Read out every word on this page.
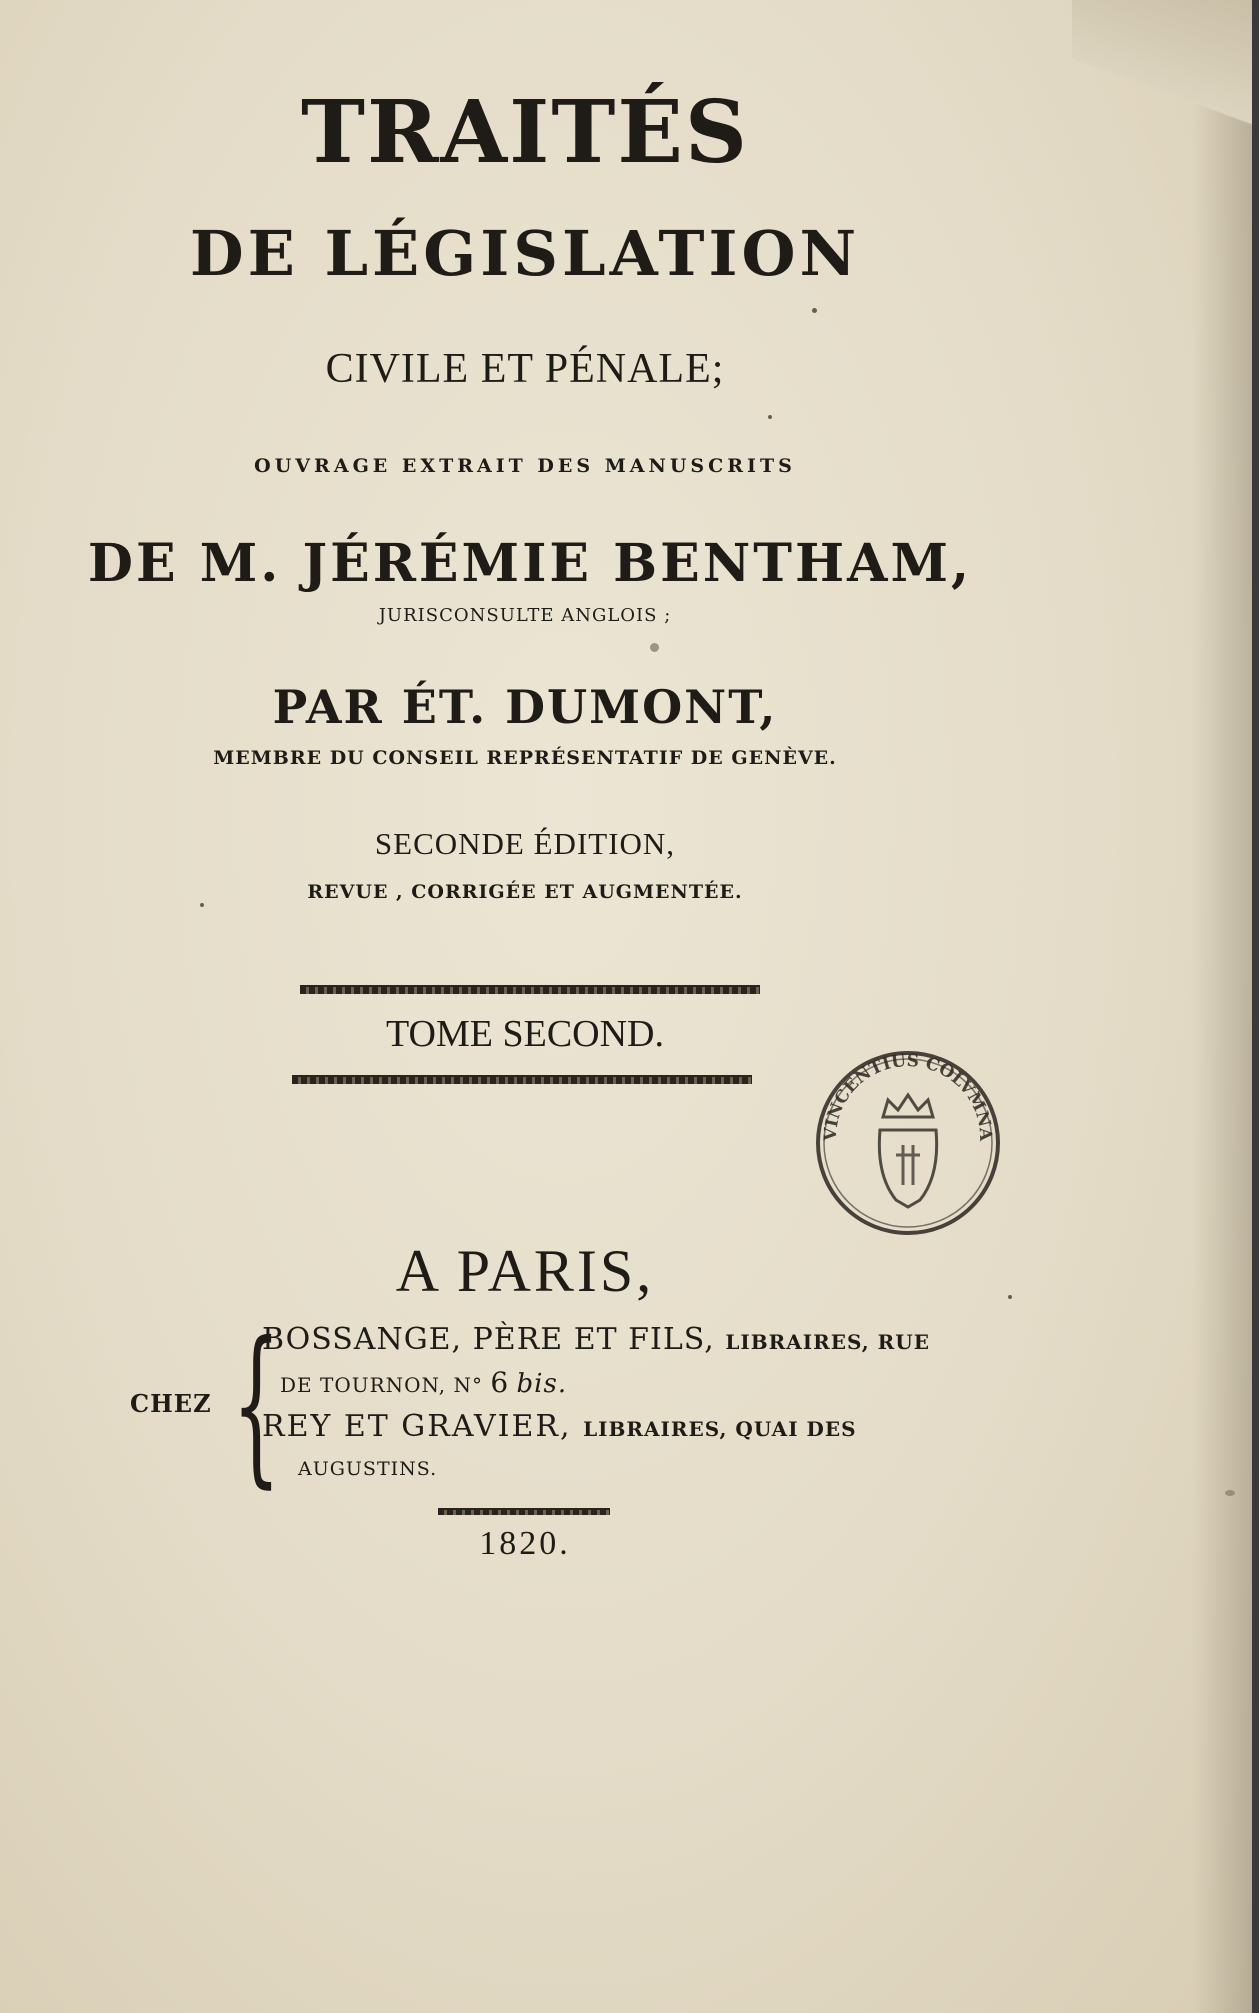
TRAITÉS
DE LÉGISLATION
CIVILE ET PÉNALE;
OUVRAGE EXTRAIT DES MANUSCRITS
DE M. JÉRÉMIE BENTHAM,
JURISCONSULTE ANGLOIS ;
PAR ÉT. DUMONT,
MEMBRE DU CONSEIL REPRÉSENTATIF DE GENÈVE.
SECONDE ÉDITION,
REVUE , CORRIGÉE ET AUGMENTÉE.
TOME SECOND.
VINCENTIUS COLVMNA
A PARIS,
CHEZ {
BOSSANGE, PÈRE ET FILS, LIBRAIRES, RUE
DE TOURNON, N° 6 bis.
REY ET GRAVIER, LIBRAIRES, QUAI DES
AUGUSTINS.
1820.
